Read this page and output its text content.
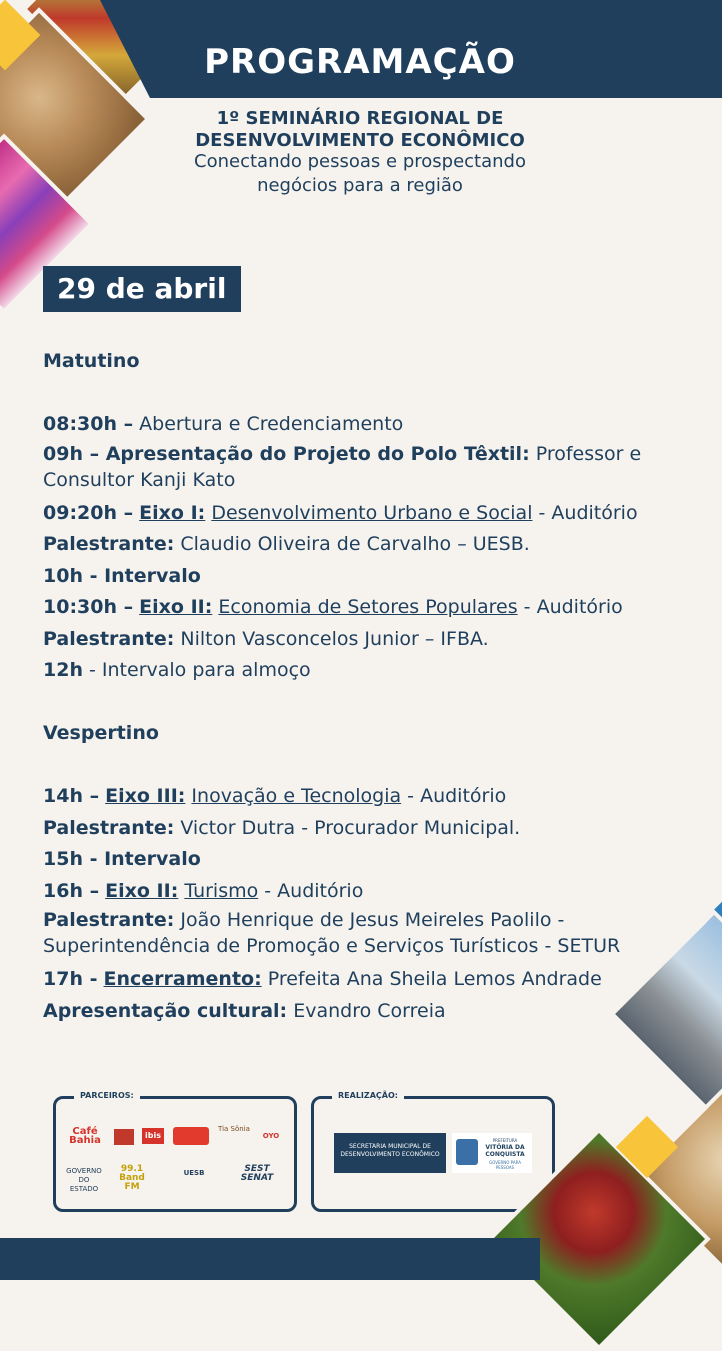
PROGRAMAÇÃO
1º SEMINÁRIO REGIONAL DE
DESENVOLVIMENTO ECONÔMICO
Conectando pessoas e prospectando
negócios para a região
29 de abril

Matutino

08:30h – Abertura e Credenciamento

09h – Apresentação do Projeto do Polo Têxtil: Professor e Consultor Kanji Kato

09:20h – Eixo I: Desenvolvimento Urbano e Social - Auditório

Palestrante: Claudio Oliveira de Carvalho – UESB.

10h - Intervalo

10:30h – Eixo II: Economia de Setores Populares - Auditório

Palestrante: Nilton Vasconcelos Junior – IFBA.

12h - Intervalo para almoço

Vespertino

14h – Eixo III: Inovação e Tecnologia - Auditório

Palestrante: Victor Dutra - Procurador Municipal.

15h - Intervalo

16h – Eixo II: Turismo - Auditório

Palestrante: João Henrique de Jesus Meireles Paolilo - Superintendência de Promoção e Serviços Turísticos - SETUR

17h - Encerramento: Prefeita Ana Sheila Lemos Andrade

Apresentação cultural: Evandro Correia

PARCEIROS:
Café Bahia	ibis
Tia Sônia
OYO
GOVERNO DO ESTADO
99.1 Band FM
UESB	SEST SENAT
REALIZAÇÃO:
SECRETARIA MUNICIPAL DE DESENVOLVIMENTO ECONÔMICO
PREFEITURA
VITÓRIA DA CONQUISTA
GOVERNO PARA PESSOAS
